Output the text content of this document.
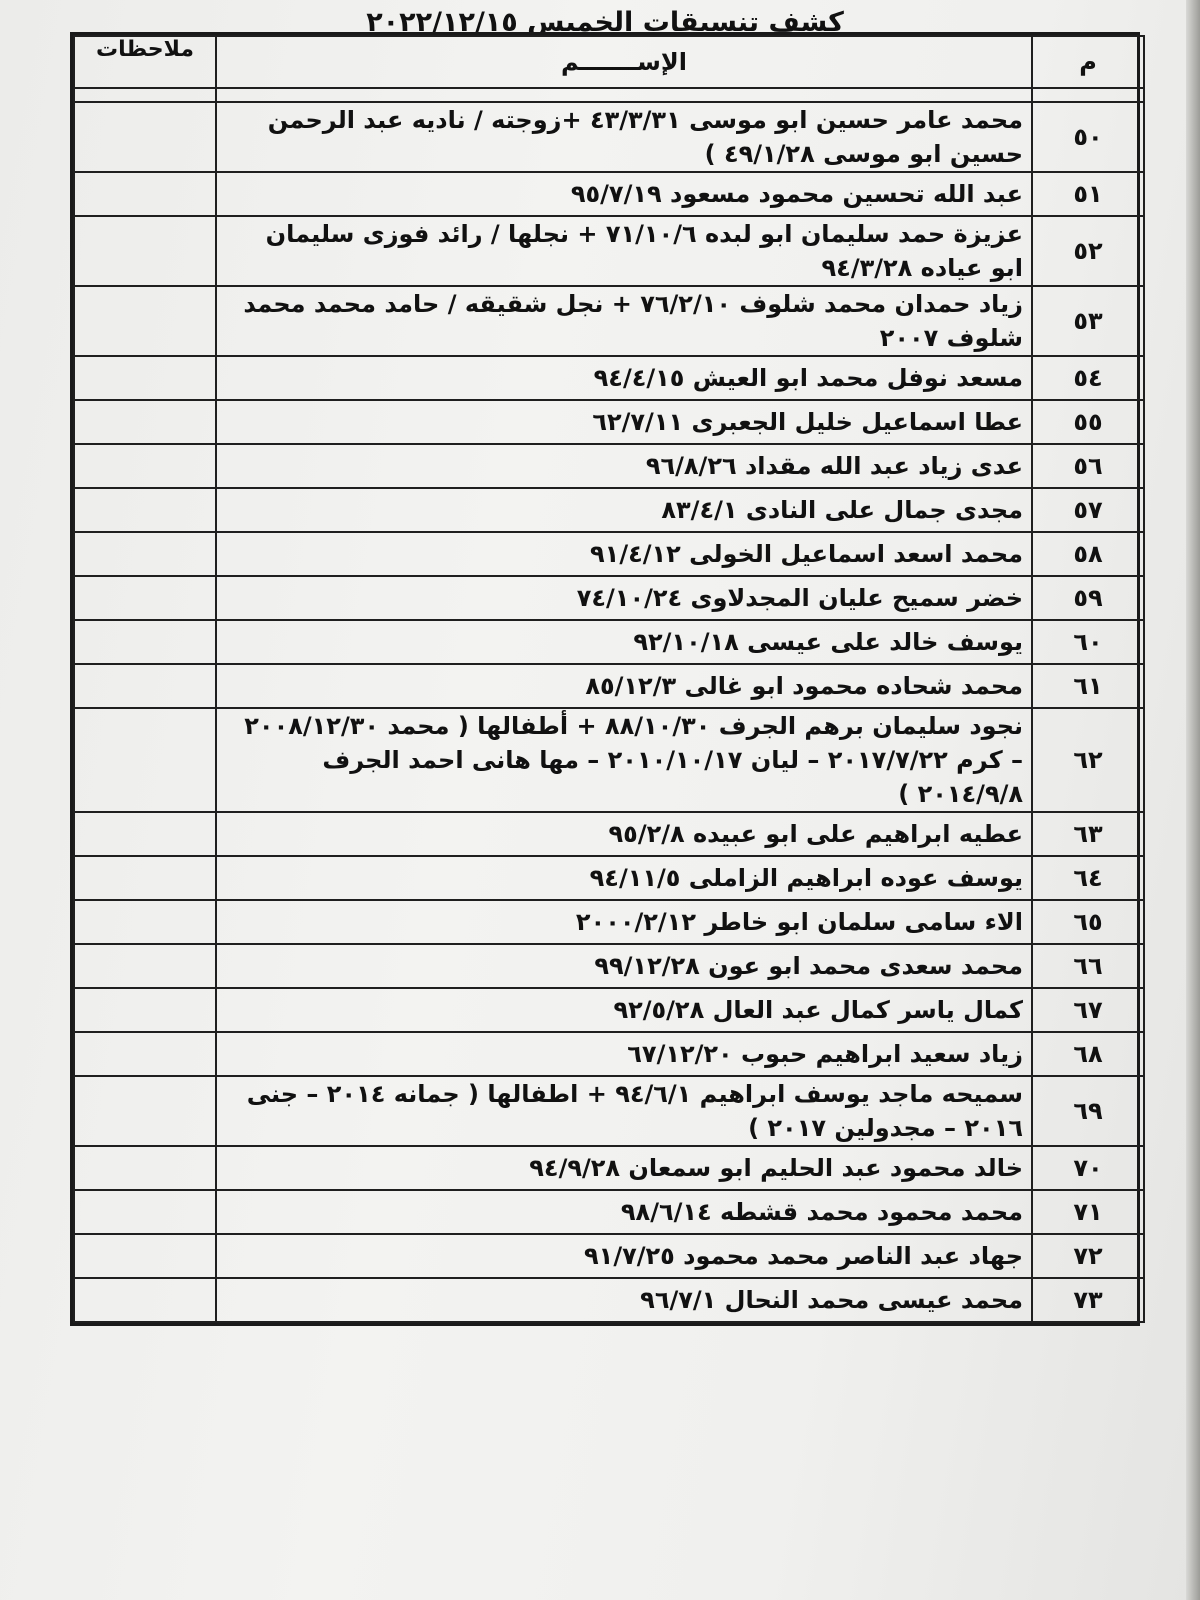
كشف تنسيقات الخميس ٢٠٢٢/١٢/١٥
م	الإســـــــم	ملاحظات

٥٠	محمد عامر حسين ابو موسى ٤٣/٣/٣١ +زوجته / ناديه عبد الرحمن حسين ابو موسى ٤٩/١/٢٨ )	
٥١	عبد الله تحسين محمود مسعود ٩٥/٧/١٩	
٥٢	عزيزة حمد سليمان ابو لبده ٧١/١٠/٦ + نجلها / رائد فوزى سليمان ابو عياده ٩٤/٣/٢٨	
٥٣	زياد حمدان محمد شلوف ٧٦/٢/١٠ + نجل شقيقه / حامد محمد محمد شلوف ٢٠٠٧	
٥٤	مسعد نوفل محمد ابو العيش ٩٤/٤/١٥	
٥٥	عطا اسماعيل خليل الجعبرى ٦٢/٧/١١	
٥٦	عدى زياد عبد الله مقداد ٩٦/٨/٢٦	
٥٧	مجدى جمال على النادى ٨٣/٤/١	
٥٨	محمد اسعد اسماعيل الخولى ٩١/٤/١٢	
٥٩	خضر سميح عليان المجدلاوى ٧٤/١٠/٢٤	
٦٠	يوسف خالد على عيسى ٩٢/١٠/١٨	
٦١	محمد شحاده محمود ابو غالى ٨٥/١٢/٣	
٦٢	نجود سليمان برهم الجرف ٨٨/١٠/٣٠ + أطفالها ( محمد ٢٠٠٨/١٢/٣٠ – كرم ٢٠١٧/٧/٢٢ – ليان ٢٠١٠/١٠/١٧ – مها هانى احمد الجرف ٢٠١٤/٩/٨ )	
٦٣	عطيه ابراهيم على ابو عبيده ٩٥/٢/٨	
٦٤	يوسف عوده ابراهيم الزاملى ٩٤/١١/٥	
٦٥	الاء سامى سلمان ابو خاطر ٢٠٠٠/٢/١٢	
٦٦	محمد سعدى محمد ابو عون ٩٩/١٢/٢٨	
٦٧	كمال ياسر كمال عبد العال ٩٢/٥/٢٨	
٦٨	زياد سعيد ابراهيم حبوب ٦٧/١٢/٢٠	
٦٩	سميحه ماجد يوسف ابراهيم ٩٤/٦/١ + اطفالها ( جمانه ٢٠١٤ – جنى ٢٠١٦ – مجدولين ٢٠١٧ )	
٧٠	خالد محمود عبد الحليم ابو سمعان ٩٤/٩/٢٨	
٧١	محمد محمود محمد قشطه ٩٨/٦/١٤	
٧٢	جهاد عبد الناصر محمد محمود ٩١/٧/٢٥	
٧٣	محمد عيسى محمد النحال ٩٦/٧/١	
